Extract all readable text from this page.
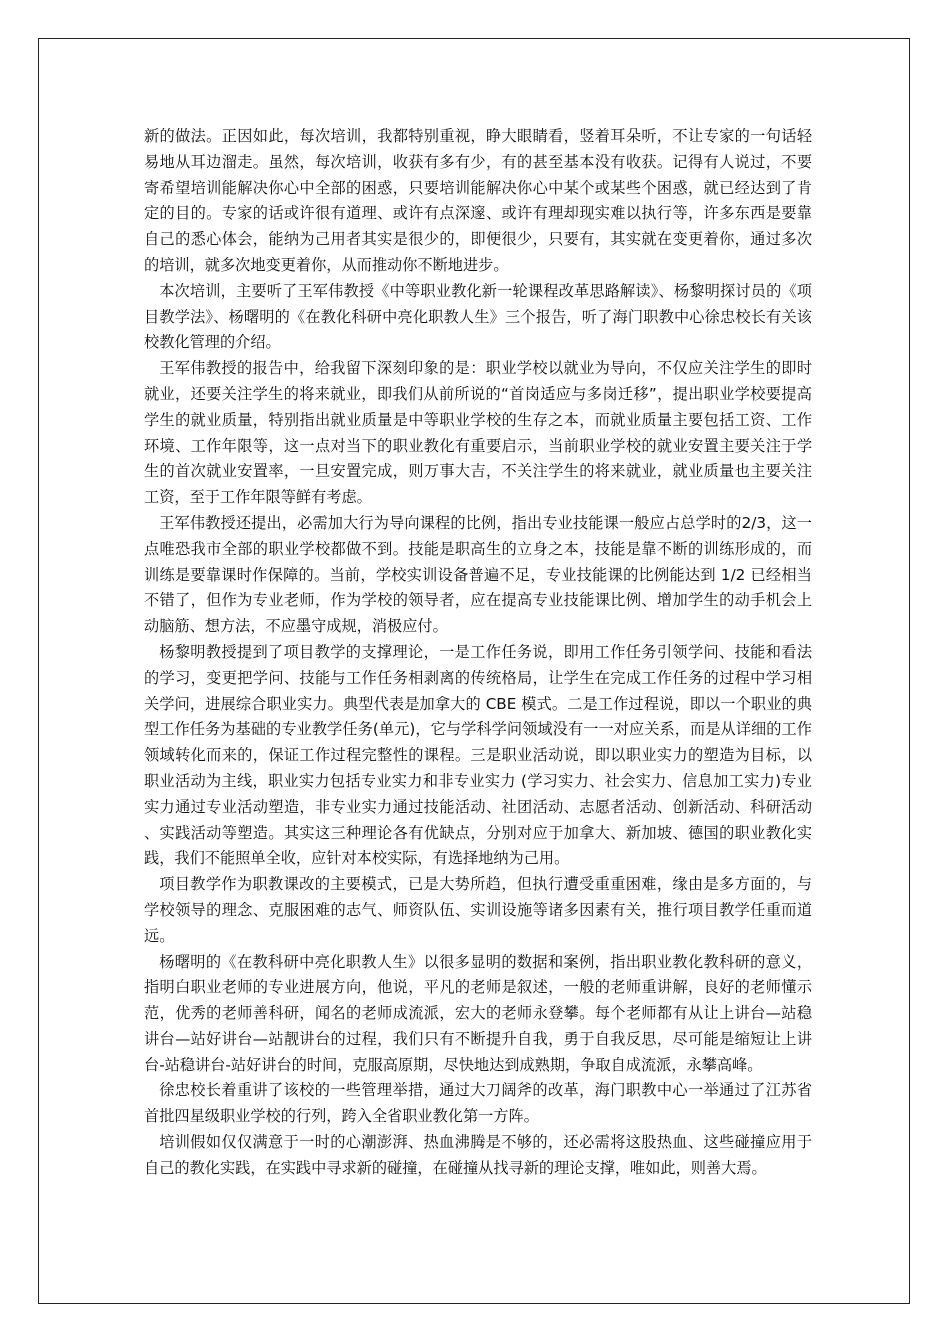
新的做法。正因如此，每次培训，我都特别重视，睁大眼睛看，竖着耳朵听，不让专家的一句话轻易地从耳边溜走。虽然，每次培训，收获有多有少，有的甚至基本没有收获。记得有人说过，不要寄希望培训能解决你心中全部的困惑，只要培训能解决你心中某个或某些个困惑，就已经达到了肯定的目的。专家的话或许很有道理、或许有点深邃、或许有理却现实难以执行等，许多东西是要靠自己的悉心体会，能纳为己用者其实是很少的，即便很少，只要有，其实就在变更着你，通过多次的培训，就多次地变更着你，从而推动你不断地进步。

本次培训，主要听了王军伟教授《中等职业教化新一轮课程改革思路解读》、杨黎明探讨员的《项目教学法》、杨曙明的《在教化科研中亮化职教人生》三个报告，听了海门职教中心徐忠校长有关该校教化管理的介绍。

王军伟教授的报告中，给我留下深刻印象的是：职业学校以就业为导向，不仅应关注学生的即时就业，还要关注学生的将来就业，即我们从前所说的“首岗适应与多岗迁移”，提出职业学校要提高学生的就业质量，特别指出就业质量是中等职业学校的生存之本，而就业质量主要包括工资、工作环境、工作年限等，这一点对当下的职业教化有重要启示，当前职业学校的就业安置主要关注于学生的首次就业安置率，一旦安置完成，则万事大吉，不关注学生的将来就业，就业质量也主要关注工资，至于工作年限等鲜有考虑。

王军伟教授还提出，必需加大行为导向课程的比例，指出专业技能课一般应占总学时的2/3，这一点唯恐我市全部的职业学校都做不到。技能是职高生的立身之本，技能是靠不断的训练形成的，而训练是要靠课时作保障的。当前，学校实训设备普遍不足，专业技能课的比例能达到 1/2 已经相当不错了，但作为专业老师，作为学校的领导者，应在提高专业技能课比例、增加学生的动手机会上动脑筋、想方法，不应墨守成规，消极应付。

杨黎明教授提到了项目教学的支撑理论，一是工作任务说，即用工作任务引领学问、技能和看法的学习，变更把学问、技能与工作任务相剥离的传统格局，让学生在完成工作任务的过程中学习相关学问，进展综合职业实力。典型代表是加拿大的 CBE 模式。二是工作过程说，即以一个职业的典型工作任务为基础的专业教学任务(单元)，它与学科学问领域没有一一对应关系，而是从详细的工作领域转化而来的，保证工作过程完整性的课程。三是职业活动说，即以职业实力的塑造为目标，以职业活动为主线，职业实力包括专业实力和非专业实力 (学习实力、社会实力、信息加工实力)专业实力通过专业活动塑造，非专业实力通过技能活动、社团活动、志愿者活动、创新活动、科研活动、实践活动等塑造。其实这三种理论各有优缺点，分别对应于加拿大、新加坡、德国的职业教化实践，我们不能照单全收，应针对本校实际，有选择地纳为己用。

项目教学作为职教课改的主要模式，已是大势所趋，但执行遭受重重困难，缘由是多方面的，与学校领导的理念、克服困难的志气、师资队伍、实训设施等诸多因素有关，推行项目教学任重而道远。

杨曙明的《在教科研中亮化职教人生》以很多显明的数据和案例，指出职业教化教科研的意义，指明白职业老师的专业进展方向，他说，平凡的老师是叙述，一般的老师重讲解，良好的老师懂示范，优秀的老师善科研，闻名的老师成流派，宏大的老师永登攀。每个老师都有从让上讲台—站稳讲台—站好讲台—站靓讲台的过程，我们只有不断提升自我，勇于自我反思，尽可能是缩短让上讲台-站稳讲台-站好讲台的时间，克服高原期，尽快地达到成熟期，争取自成流派，永攀高峰。

徐忠校长着重讲了该校的一些管理举措，通过大刀阔斧的改革，海门职教中心一举通过了江苏省首批四星级职业学校的行列，跨入全省职业教化第一方阵。

培训假如仅仅满意于一时的心潮澎湃、热血沸腾是不够的，还必需将这股热血、这些碰撞应用于自己的教化实践，在实践中寻求新的碰撞，在碰撞从找寻新的理论支撑，唯如此，则善大焉。
